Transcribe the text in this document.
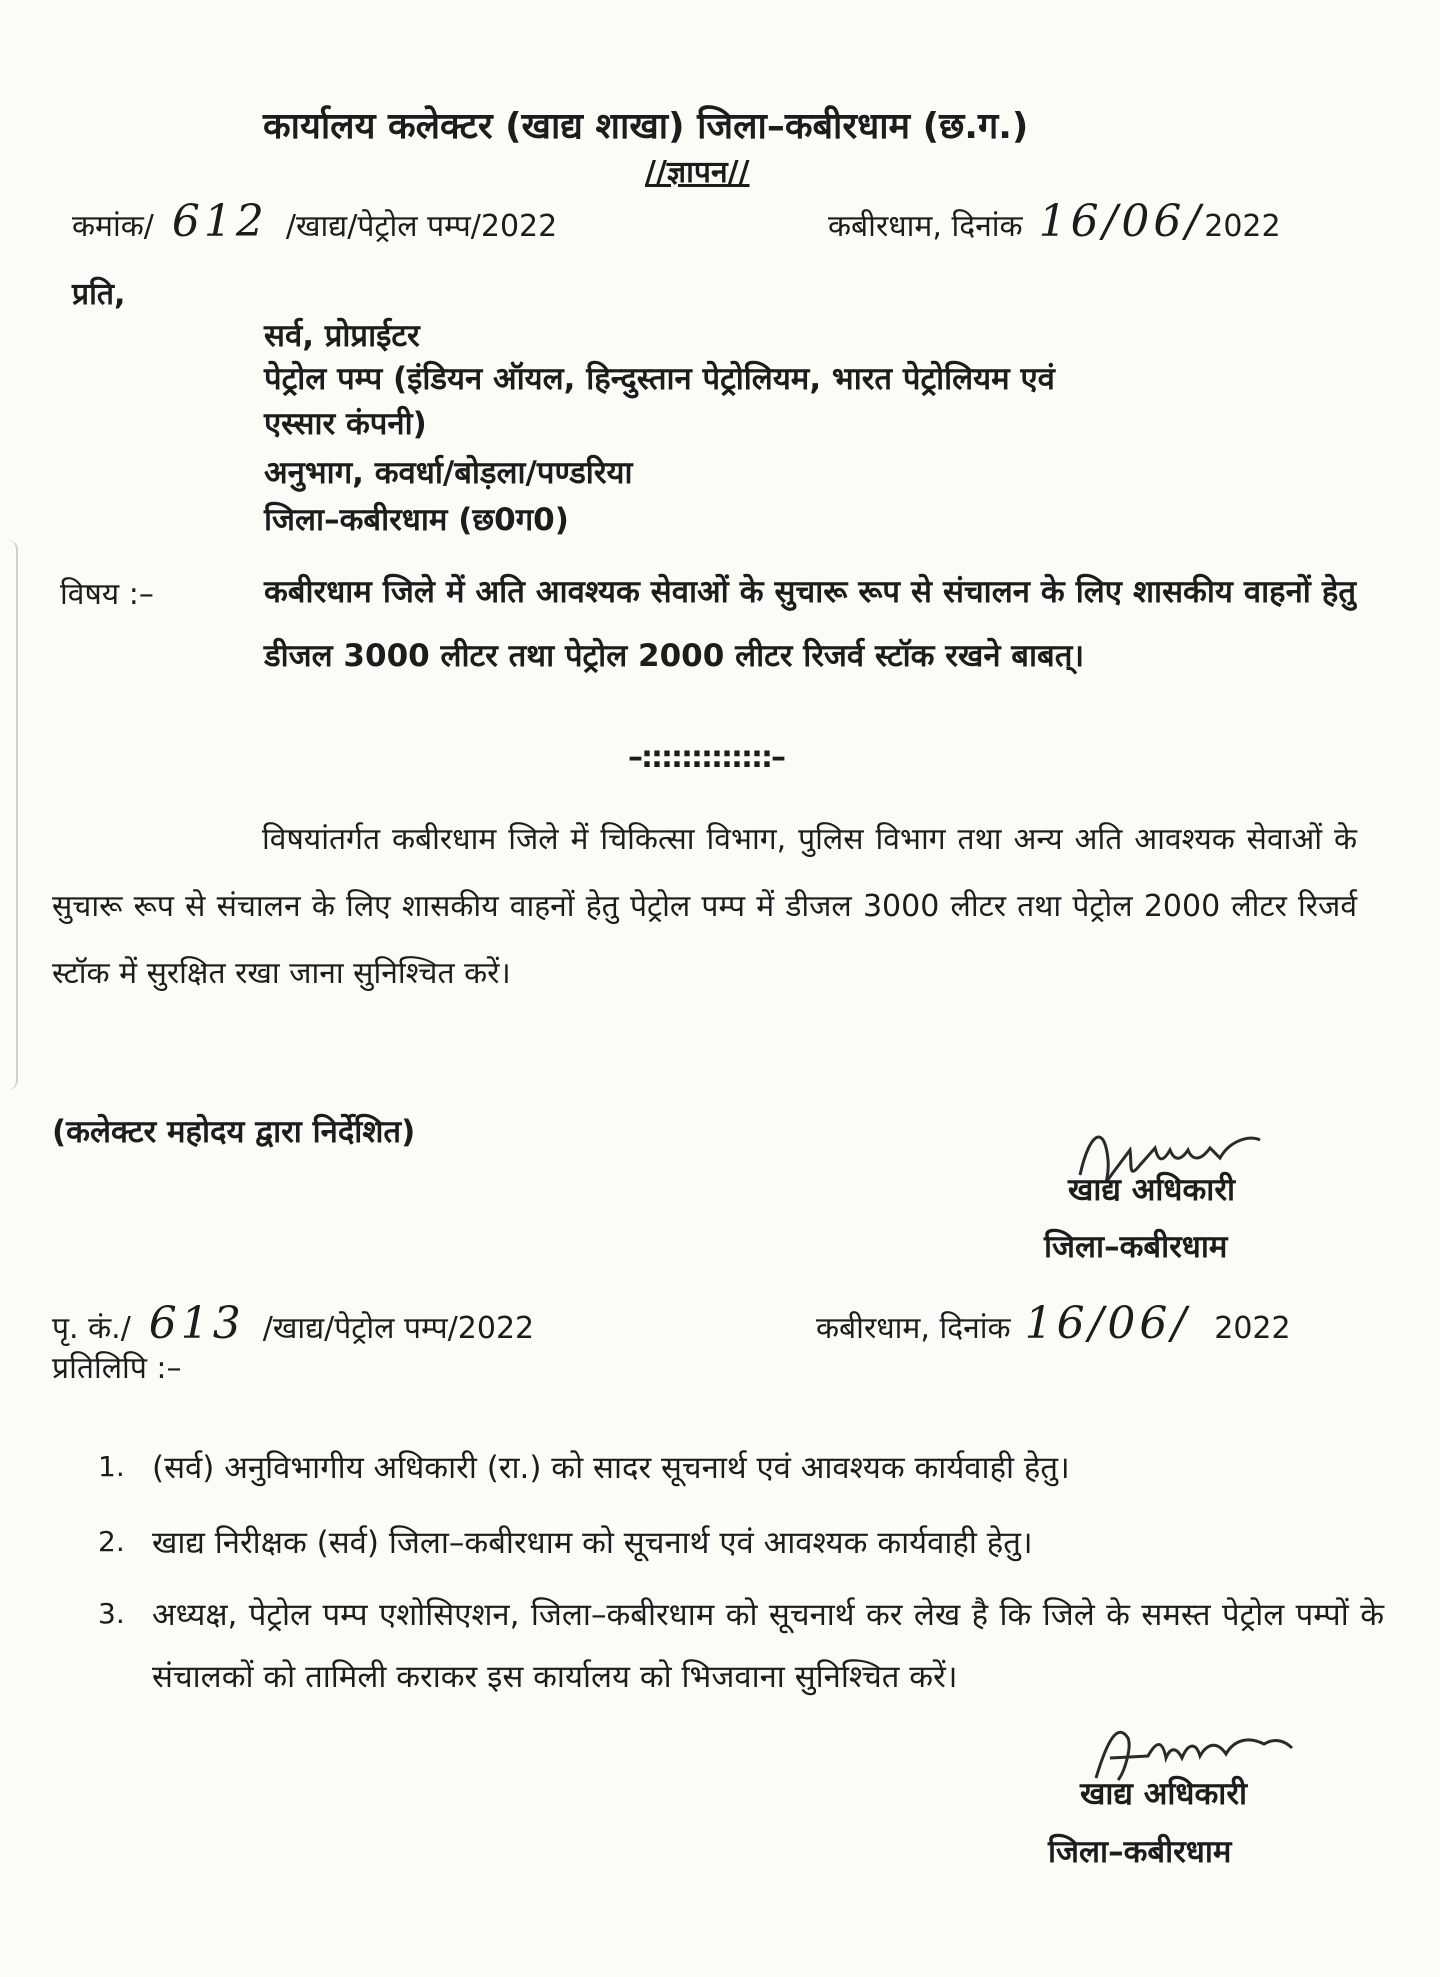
कार्यालय कलेक्टर (खाद्य शाखा) जिला–कबीरधाम (छ.ग.)
//ज्ञापन//
कमांक/ 612 /खाद्य/पेट्रोल पम्प/2022	कबीरधाम, दिनांक 16/06/2022
प्रति,
सर्व, प्रोप्राईटर
पेट्रोल पम्प (इंडियन ऑयल, हिन्दुस्तान पेट्रोलियम, भारत पेट्रोलियम एवं
एस्सार कंपनी)
अनुभाग, कवर्धा/बोड़ला/पण्डरिया
जिला–कबीरधाम (छ0ग0)
विषय :–	कबीरधाम जिले में अति आवश्यक सेवाओं के सुचारू रूप से संचालन के लिए शासकीय वाहनों हेतु डीजल 3000 लीटर तथा पेट्रोल 2000 लीटर रिजर्व स्टॉक रखने बाबत्।
–:::::::::::::–
विषयांतर्गत कबीरधाम जिले में चिकित्सा विभाग, पुलिस विभाग तथा अन्य अति आवश्यक सेवाओं के सुचारू रूप से संचालन के लिए शासकीय वाहनों हेतु पेट्रोल पम्प में डीजल 3000 लीटर तथा पेट्रोल 2000 लीटर रिजर्व स्टॉक में सुरक्षित रखा जाना सुनिश्चित करें।
(कलेक्टर महोदय द्वारा निर्देशित)
खाद्य अधिकारी
जिला–कबीरधाम
पृ. कं./ 613 /खाद्य/पेट्रोल पम्प/2022	कबीरधाम, दिनांक 16/06/ 2022
प्रतिलिपि :–
1. (सर्व) अनुविभागीय अधिकारी (रा.) को सादर सूचनार्थ एवं आवश्यक कार्यवाही हेतु।
2. खाद्य निरीक्षक (सर्व) जिला–कबीरधाम को सूचनार्थ एवं आवश्यक कार्यवाही हेतु।
3. अध्यक्ष, पेट्रोल पम्प एशोसिएशन, जिला–कबीरधाम को सूचनार्थ कर लेख है कि जिले के समस्त पेट्रोल पम्पों के संचालकों को तामिली कराकर इस कार्यालय को भिजवाना सुनिश्चित करें।
खाद्य अधिकारी
जिला–कबीरधाम
